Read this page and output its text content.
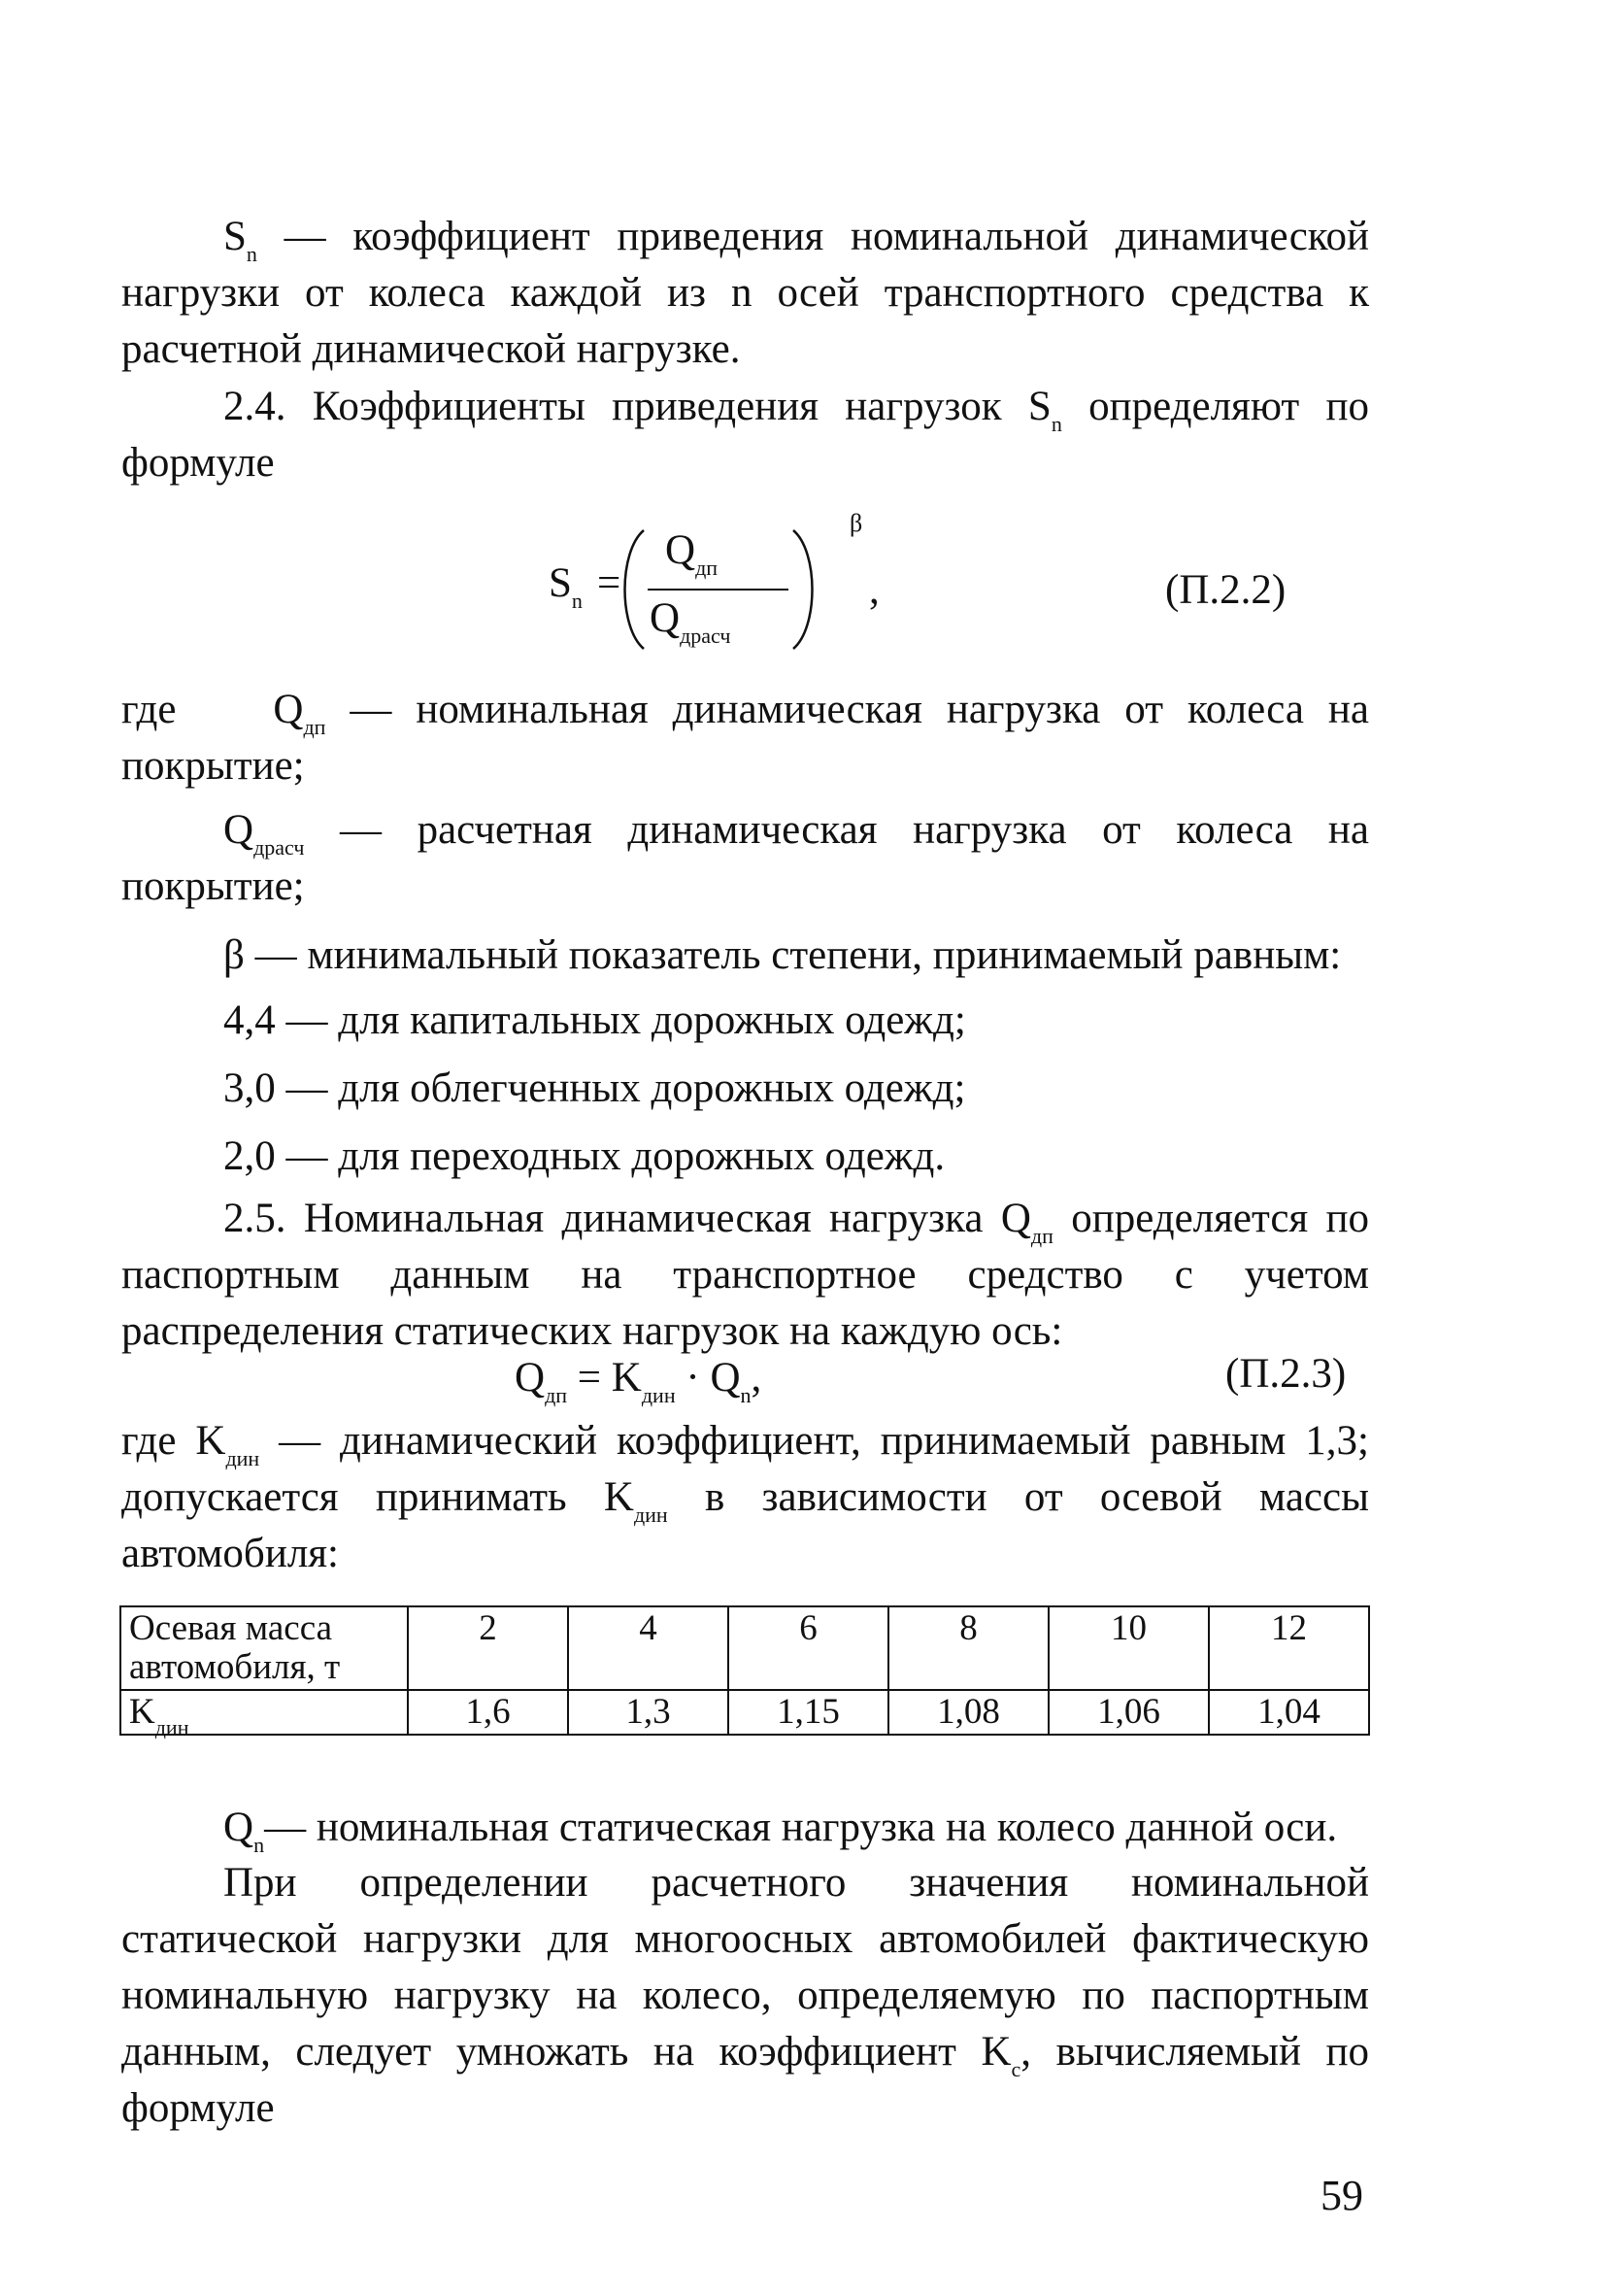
$S_n$ — коэффициент приведения номинальной динамической нагрузки от колеса каждой из n осей транспортного средства к расчетной динамической нагрузке.
2.4. Коэффициенты приведения нагрузок $S_n$ определяют по формуле
$S_n$ =
$Q_{дп}$
$Q_{драсч}$
β
,	(П.2.2)
где $Q_{дп}$ — номинальная динамическая нагрузка от колеса на покрытие;
$Q_{драсч}$ — расчетная динамическая нагрузка от колеса на покрытие;
β — минимальный показатель степени, принимаемый равным:
4,4 — для капитальных дорожных одежд;
3,0 — для облегченных дорожных одежд;
2,0 — для переходных дорожных одежд.
2.5. Номинальная динамическая нагрузка $Q_{дп}$ определяется по паспортным данным на транспортное средство с учетом распределения статических нагрузок на каждую ось:
$Q_{дп} = K_{дин} \cdot Q_n$,	(П.2.3)
где $K_{дин}$ — динамический коэффициент, принимаемый равным 1,3; допускается принимать $K_{дин}$ в зависимости от осевой массы автомобиля:
Осевая масса автомобиля, т	2	4	6	8	10	12
$K_{дин}$	1,6	1,3	1,15	1,08	1,06	1,04
$Q_n—$ номинальная статическая нагрузка на колесо данной оси.
При определении расчетного значения номинальной статической нагрузки для многоосных автомобилей фактическую номинальную нагрузку на колесо, определяемую по паспортным данным, следует умножать на коэффициент $K_c$, вычисляемый по формуле
59
